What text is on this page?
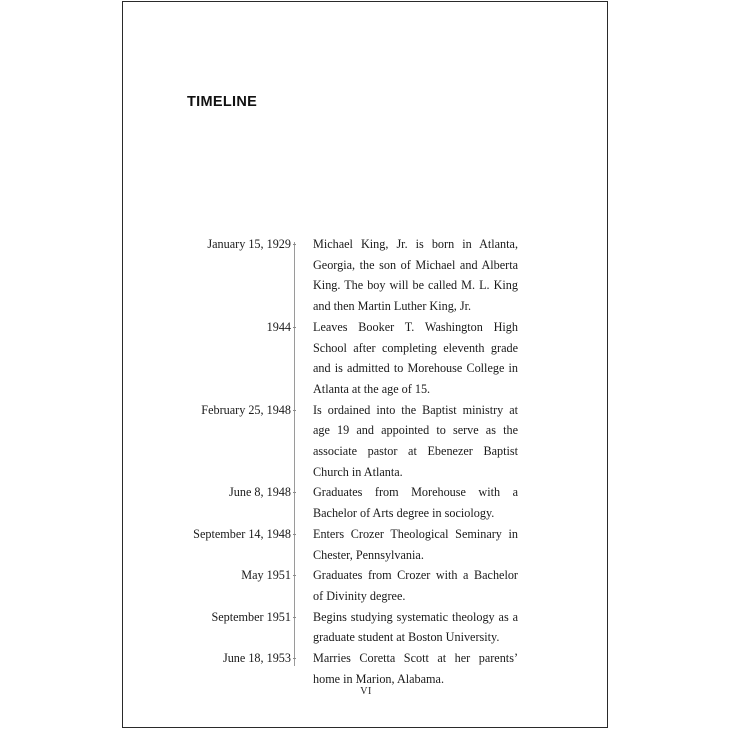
TIMELINE
January 15, 1929 Michael King, Jr. is born in Atlanta, Georgia, the son of Michael and Alberta King. The boy will be called M. L. King and then Martin Luther King, Jr.
1944 Leaves Booker T. Washington High School after completing eleventh grade and is admitted to Morehouse College in Atlanta at the age of 15.
February 25, 1948 Is ordained into the Baptist ministry at age 19 and appointed to serve as the associate pastor at Ebenezer Baptist Church in Atlanta.
June 8, 1948 Graduates from Morehouse with a Bachelor of Arts degree in sociology.
September 14, 1948 Enters Crozer Theological Seminary in Chester, Pennsylvania.
May 1951 Graduates from Crozer with a Bachelor of Divinity degree.
September 1951 Begins studying systematic theology as a graduate student at Boston University.
June 18, 1953 Marries Coretta Scott at her parents’ home in Marion, Alabama.
VI
